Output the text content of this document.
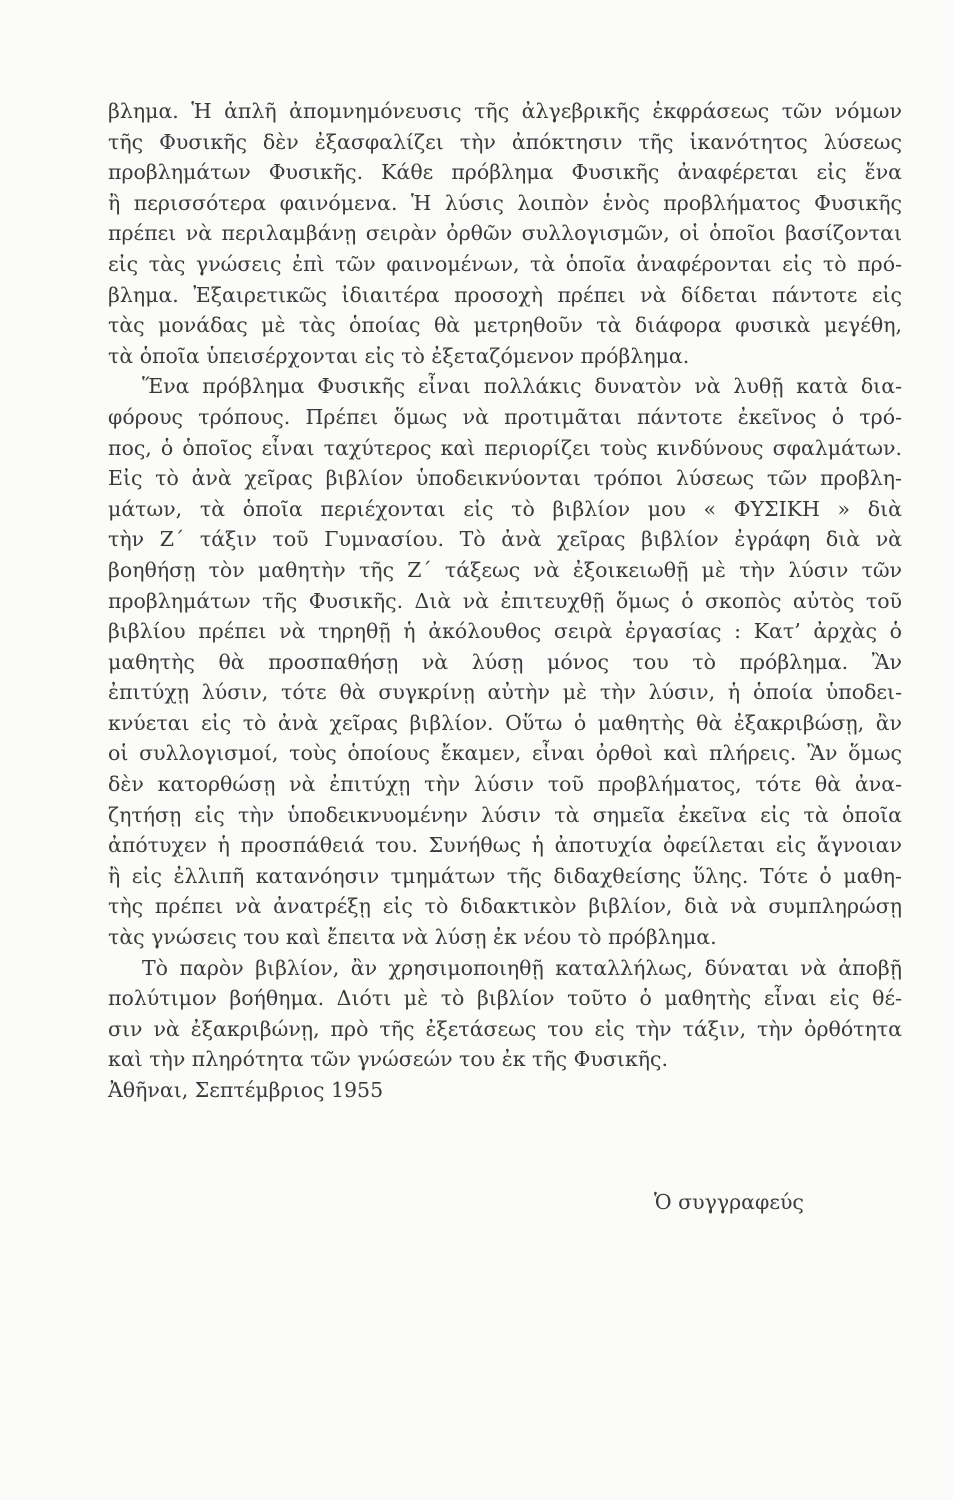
βλημα. Ἡ ἁπλῆ ἀπομνημόνευσις τῆς ἀλγεβρικῆς ἐκφράσεως τῶν νόμων
τῆς Φυσικῆς δὲν ἐξασφαλίζει τὴν ἀπόκτησιν τῆς ἱκανότητος λύσεως
προβλημάτων Φυσικῆς. Κάθε πρόβλημα Φυσικῆς ἀναφέρεται εἰς ἕνα
ἢ περισσότερα φαινόμενα. Ἡ λύσις λοιπὸν ἑνὸς προβλήματος Φυσικῆς
πρέπει νὰ περιλαμβάνῃ σειρὰν ὀρθῶν συλλογισμῶν, οἱ ὁποῖοι βασίζονται
εἰς τὰς γνώσεις ἐπὶ τῶν φαινομένων, τὰ ὁποῖα ἀναφέρονται εἰς τὸ πρό-
βλημα. Ἐξαιρετικῶς ἰδιαιτέρα προσοχὴ πρέπει νὰ δίδεται πάντοτε εἰς
τὰς μονάδας μὲ τὰς ὁποίας θὰ μετρηθοῦν τὰ διάφορα φυσικὰ μεγέθη,
τὰ ὁποῖα ὑπεισέρχονται εἰς τὸ ἐξεταζόμενον πρόβλημα.
Ἕνα πρόβλημα Φυσικῆς εἶναι πολλάκις δυνατὸν νὰ λυθῇ κατὰ δια-
φόρους τρόπους. Πρέπει ὅμως νὰ προτιμᾶται πάντοτε ἐκεῖνος ὁ τρό-
πος, ὁ ὁποῖος εἶναι ταχύτερος καὶ περιορίζει τοὺς κινδύνους σφαλμάτων.
Εἰς τὸ ἀνὰ χεῖρας βιβλίον ὑποδεικνύονται τρόποι λύσεως τῶν προβλη-
μάτων, τὰ ὁποῖα περιέχονται εἰς τὸ βιβλίον μου « ΦΥΣΙΚΗ » διὰ
τὴν Ζ΄ τάξιν τοῦ Γυμνασίου. Τὸ ἀνὰ χεῖρας βιβλίον ἐγράφη διὰ νὰ
βοηθήσῃ τὸν μαθητὴν τῆς Ζ΄ τάξεως νὰ ἐξοικειωθῇ μὲ τὴν λύσιν τῶν
προβλημάτων τῆς Φυσικῆς. Διὰ νὰ ἐπιτευχθῇ ὅμως ὁ σκοπὸς αὐτὸς τοῦ
βιβλίου πρέπει νὰ τηρηθῇ ἡ ἀκόλουθος σειρὰ ἐργασίας : Κατ’ ἀρχὰς ὁ
μαθητὴς θὰ προσπαθήσῃ νὰ λύσῃ μόνος του τὸ πρόβλημα. Ἂν
ἐπιτύχῃ λύσιν, τότε θὰ συγκρίνῃ αὐτὴν μὲ τὴν λύσιν, ἡ ὁποία ὑποδει-
κνύεται εἰς τὸ ἀνὰ χεῖρας βιβλίον. Οὕτω ὁ μαθητὴς θὰ ἐξακριβώσῃ, ἂν
οἱ συλλογισμοί, τοὺς ὁποίους ἔκαμεν, εἶναι ὀρθοὶ καὶ πλήρεις. Ἂν ὅμως
δὲν κατορθώσῃ νὰ ἐπιτύχῃ τὴν λύσιν τοῦ προβλήματος, τότε θὰ ἀνα-
ζητήσῃ εἰς τὴν ὑποδεικνυομένην λύσιν τὰ σημεῖα ἐκεῖνα εἰς τὰ ὁποῖα
ἀπότυχεν ἡ προσπάθειά του. Συνήθως ἡ ἀποτυχία ὀφείλεται εἰς ἄγνοιαν
ἢ εἰς ἐλλιπῆ κατανόησιν τμημάτων τῆς διδαχθείσης ὕλης. Τότε ὁ μαθη-
τὴς πρέπει νὰ ἀνατρέξῃ εἰς τὸ διδακτικὸν βιβλίον, διὰ νὰ συμπληρώσῃ
τὰς γνώσεις του καὶ ἔπειτα νὰ λύσῃ ἐκ νέου τὸ πρόβλημα.
Τὸ παρὸν βιβλίον, ἂν χρησιμοποιηθῇ καταλλήλως, δύναται νὰ ἀποβῇ
πολύτιμον βοήθημα. Διότι μὲ τὸ βιβλίον τοῦτο ὁ μαθητὴς εἶναι εἰς θέ-
σιν νὰ ἐξακριβώνῃ, πρὸ τῆς ἐξετάσεως του εἰς τὴν τάξιν, τὴν ὀρθότητα
καὶ τὴν πληρότητα τῶν γνώσεών του ἐκ τῆς Φυσικῆς.
Ἀθῆναι, Σεπτέμβριος 1955
Ὁ συγγραφεύς
